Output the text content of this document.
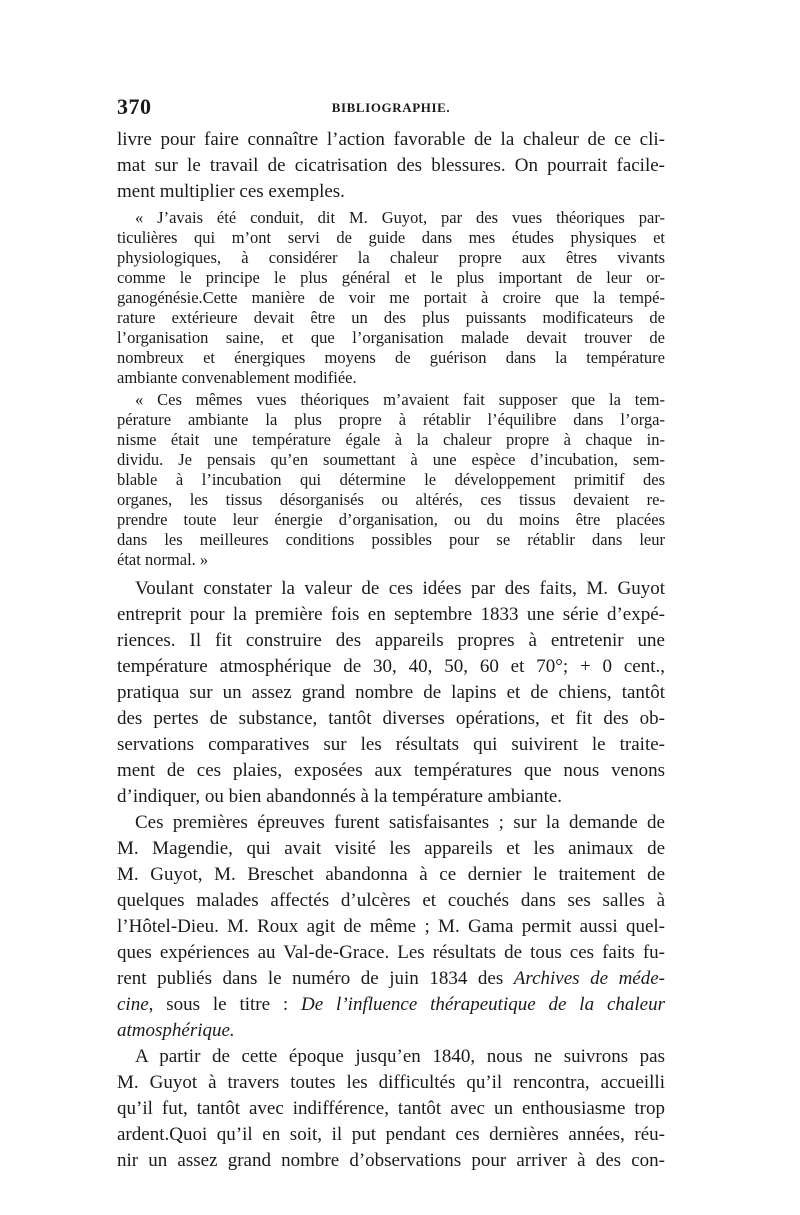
370	BIBLIOGRAPHIE.
livre pour faire connaître l’action favorable de la chaleur de ce cli-
mat sur le travail de cicatrisation des blessures. On pourrait facile-
ment multiplier ces exemples.
« J’avais été conduit, dit M. Guyot, par des vues théoriques par-
ticulières qui m’ont servi de guide dans mes études physiques et
physiologiques, à considérer la chaleur propre aux êtres vivants
comme le principe le plus général et le plus important de leur or-
ganogénésie.Cette manière de voir me portait à croire que la tempé-
rature extérieure devait être un des plus puissants modificateurs de
l’organisation saine, et que l’organisation malade devait trouver de
nombreux et énergiques moyens de guérison dans la température
ambiante convenablement modifiée.
« Ces mêmes vues théoriques m’avaient fait supposer que la tem-
pérature ambiante la plus propre à rétablir l’équilibre dans l’orga-
nisme était une température égale à la chaleur propre à chaque in-
dividu. Je pensais qu’en soumettant à une espèce d’incubation, sem-
blable à l’incubation qui détermine le développement primitif des
organes, les tissus désorganisés ou altérés, ces tissus devaient re-
prendre toute leur énergie d’organisation, ou du moins être placées
dans les meilleures conditions possibles pour se rétablir dans leur
état normal. »
Voulant constater la valeur de ces idées par des faits, M. Guyot
entreprit pour la première fois en septembre 1833 une série d’expé-
riences. Il fit construire des appareils propres à entretenir une
température atmosphérique de 30, 40, 50, 60 et 70°; + 0 cent.,
pratiqua sur un assez grand nombre de lapins et de chiens, tantôt
des pertes de substance, tantôt diverses opérations, et fit des ob-
servations comparatives sur les résultats qui suivirent le traite-
ment de ces plaies, exposées aux températures que nous venons
d’indiquer, ou bien abandonnés à la température ambiante.
Ces premières épreuves furent satisfaisantes ; sur la demande de
M. Magendie, qui avait visité les appareils et les animaux de
M. Guyot, M. Breschet abandonna à ce dernier le traitement de
quelques malades affectés d’ulcères et couchés dans ses salles à
l’Hôtel-Dieu. M. Roux agit de même ; M. Gama permit aussi quel-
ques expériences au Val-de-Grace. Les résultats de tous ces faits fu-
rent publiés dans le numéro de juin 1834 des Archives de méde-
cine, sous le titre : De l’influence thérapeutique de la chaleur
atmosphérique.
A partir de cette époque jusqu’en 1840, nous ne suivrons pas
M. Guyot à travers toutes les difficultés qu’il rencontra, accueilli
qu’il fut, tantôt avec indifférence, tantôt avec un enthousiasme trop
ardent.Quoi qu’il en soit, il put pendant ces dernières années, réu-
nir un assez grand nombre d’observations pour arriver à des con-
